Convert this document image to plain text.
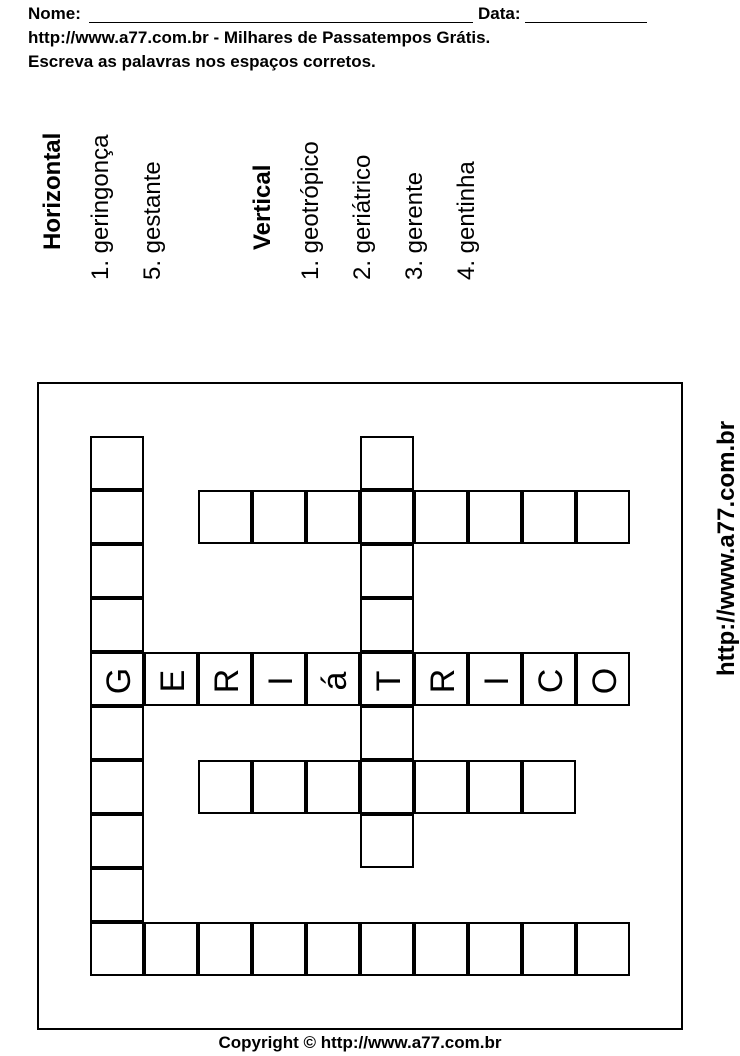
Nome:	Data:
http://www.a77.com.br - Milhares de Passatempos Grátis.
Escreva as palavras nos espaços corretos.
Horizontal 1. geringonça 5. gestante	Vertical 1. geotrópico 2. geriátrico 3. gerente 4. gentinha
G E R I á T R I C O
http://www.a77.com.br
Copyright © http://www.a77.com.br
